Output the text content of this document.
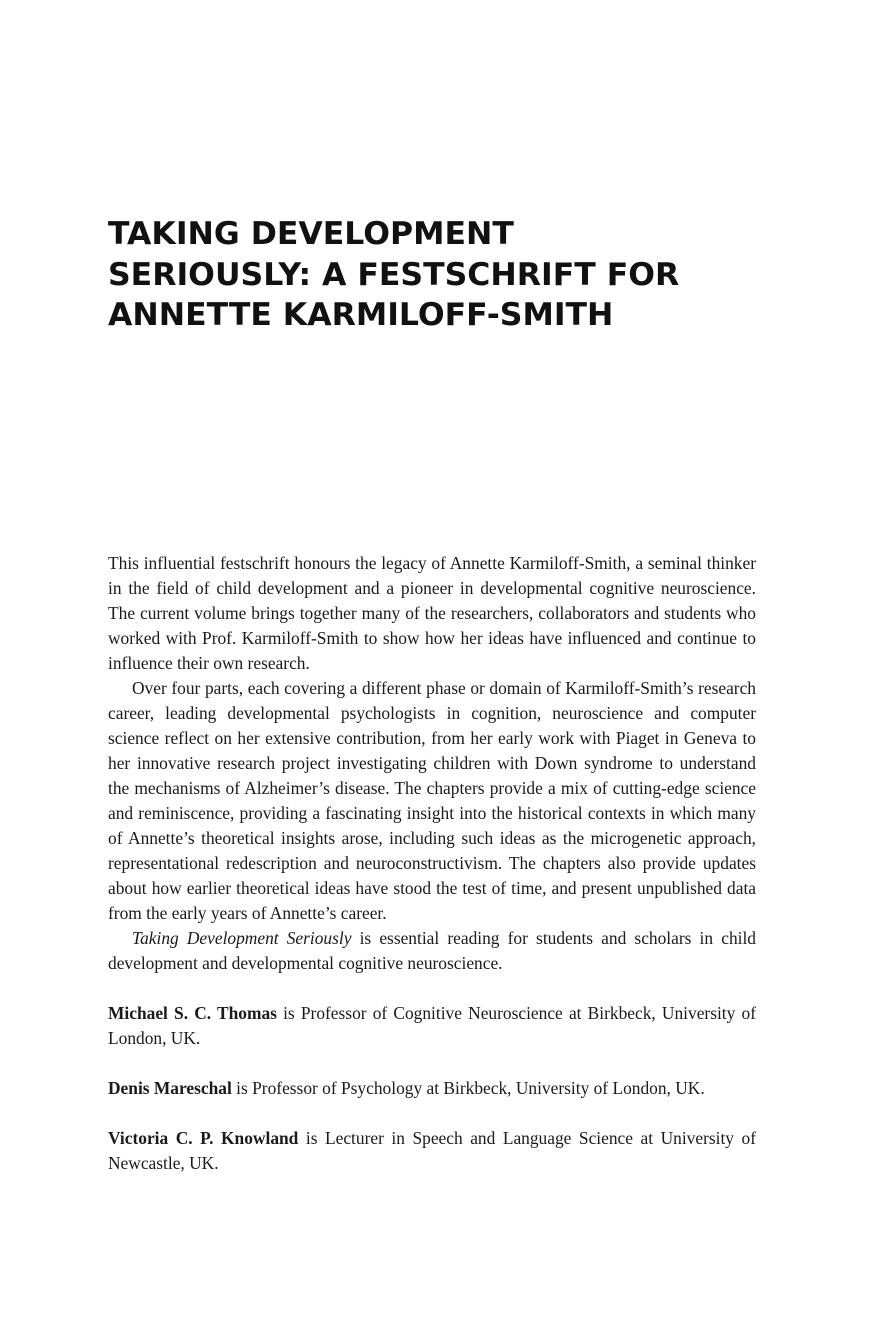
TAKING DEVELOPMENT
SERIOUSLY: A FESTSCHRIFT FOR
ANNETTE KARMILOFF-SMITH

This influential festschrift honours the legacy of Annette Karmiloff-Smith, a seminal thinker in the field of child development and a pioneer in developmental cognitive neuroscience. The current volume brings together many of the researchers, collaborators and students who worked with Prof. Karmiloff-Smith to show how her ideas have influenced and continue to influence their own research.

Over four parts, each covering a different phase or domain of Karmiloff-Smith’s research career, leading developmental psychologists in cognition, neuroscience and computer science reflect on her extensive contribution, from her early work with Piaget in Geneva to her innovative research project investigating children with Down syndrome to understand the mechanisms of Alzheimer’s disease. The chapters provide a mix of cutting-edge science and reminiscence, providing a fascinating insight into the historical contexts in which many of Annette’s theoretical insights arose, including such ideas as the microgenetic approach, representational redescription and neuroconstructivism. The chapters also provide updates about how earlier theoretical ideas have stood the test of time, and present unpublished data from the early years of Annette’s career.

Taking Development Seriously is essential reading for students and scholars in child development and developmental cognitive neuroscience.

Michael S. C. Thomas is Professor of Cognitive Neuroscience at Birkbeck, University of London, UK.

Denis Mareschal is Professor of Psychology at Birkbeck, University of London, UK.

Victoria C. P. Knowland is Lecturer in Speech and Language Science at University of Newcastle, UK.
